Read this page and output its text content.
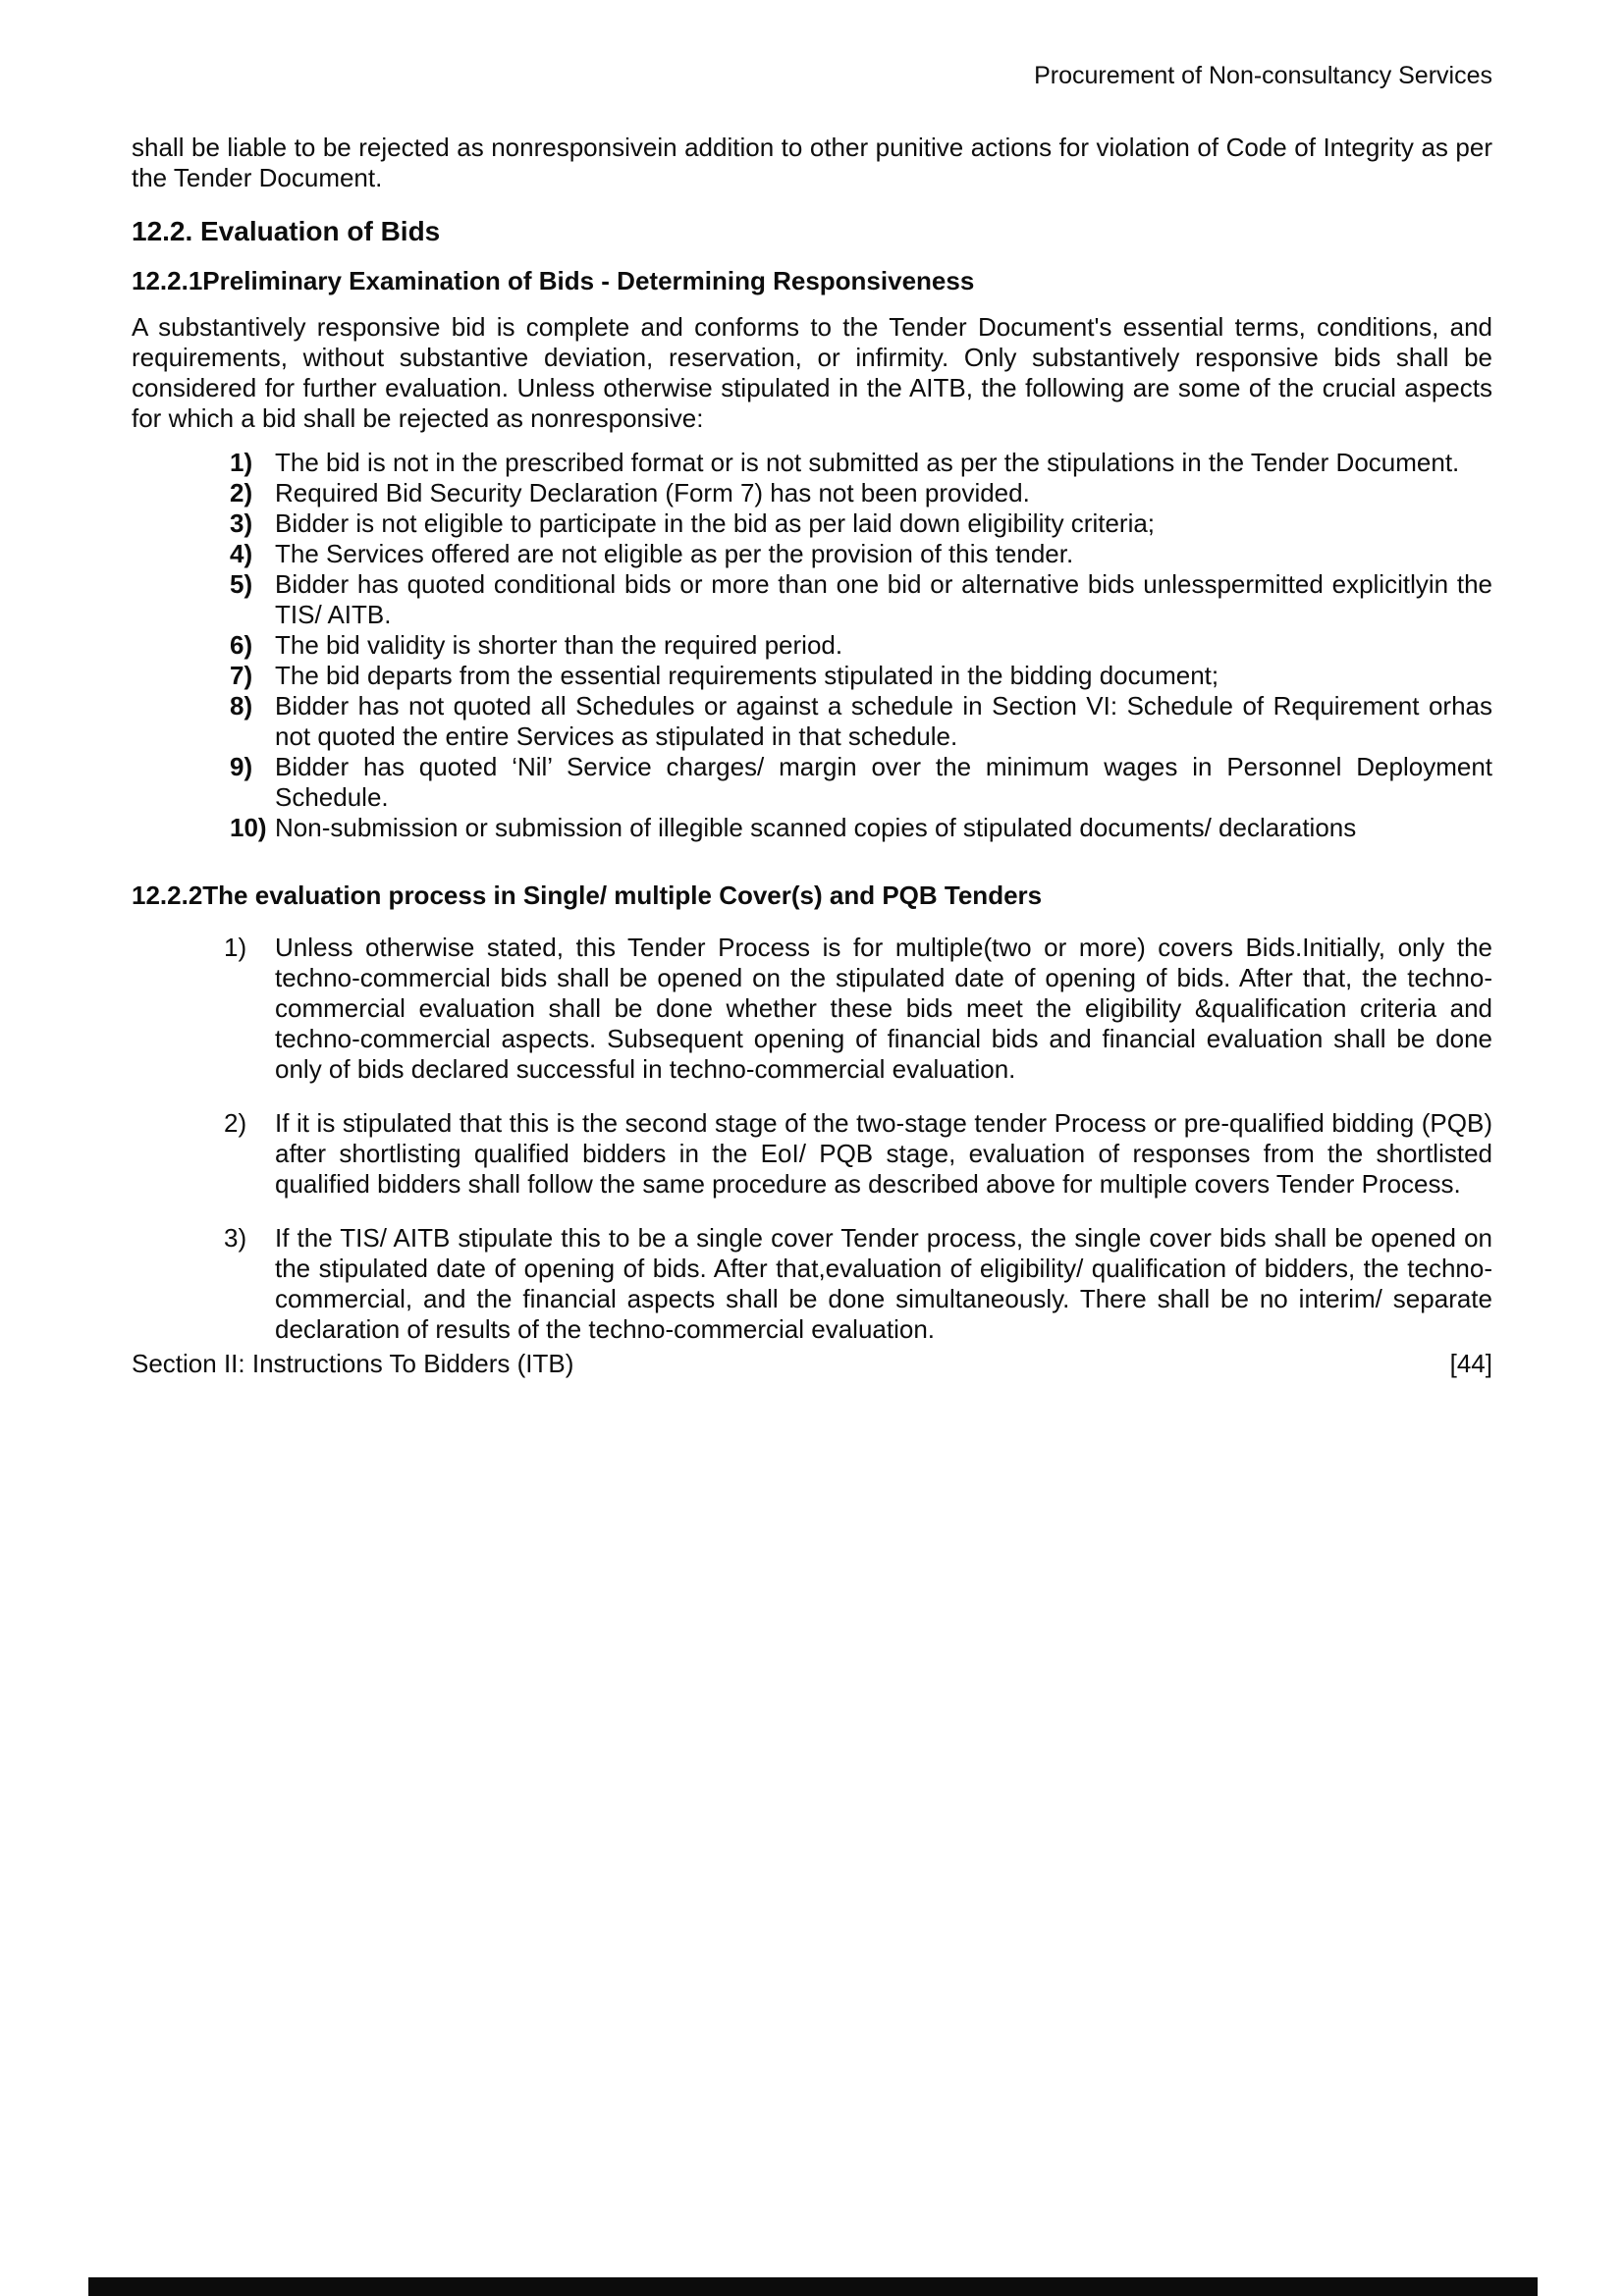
Procurement of Non-consultancy Services

shall be liable to be rejected as nonresponsivein addition to other punitive actions for violation of Code of Integrity as per the Tender Document.

12.2. Evaluation of Bids
12.2.1 Preliminary Examination of Bids - Determining Responsiveness

A substantively responsive bid is complete and conforms to the Tender Document's essential terms, conditions, and requirements, without substantive deviation, reservation, or infirmity. Only substantively responsive bids shall be considered for further evaluation. Unless otherwise stipulated in the AITB, the following are some of the crucial aspects for which a bid shall be rejected as nonresponsive:

1) The bid is not in the prescribed format or is not submitted as per the stipulations in the Tender Document.
2) Required Bid Security Declaration (Form 7) has not been provided.
3) Bidder is not eligible to participate in the bid as per laid down eligibility criteria;
4) The Services offered are not eligible as per the provision of this tender.
5) Bidder has quoted conditional bids or more than one bid or alternative bids unlesspermitted explicitlyin the TIS/ AITB.
6) The bid validity is shorter than the required period.
7) The bid departs from the essential requirements stipulated in the bidding document;
8) Bidder has not quoted all Schedules or against a schedule in Section VI: Schedule of Requirement orhas not quoted the entire Services as stipulated in that schedule.
9) Bidder has quoted ‘Nil’ Service charges/ margin over the minimum wages in Personnel Deployment Schedule.
10) Non-submission or submission of illegible scanned copies of stipulated documents/ declarations
12.2.2 The evaluation process in Single/ multiple Cover(s) and PQB Tenders
1)	Unless otherwise stated, this Tender Process is for multiple(two or more) covers Bids.Initially, only the techno-commercial bids shall be opened on the stipulated date of opening of bids. After that, the techno-commercial evaluation shall be done whether these bids meet the eligibility &qualification criteria and techno-commercial aspects. Subsequent opening of financial bids and financial evaluation shall be done only of bids declared successful in techno-commercial evaluation.
2)	If it is stipulated that this is the second stage of the two-stage tender Process or pre-qualified bidding (PQB) after shortlisting qualified bidders in the EoI/ PQB stage, evaluation of responses from the shortlisted qualified bidders shall follow the same procedure as described above for multiple covers Tender Process.
3)	If the TIS/ AITB stipulate this to be a single cover Tender process, the single cover bids shall be opened on the stipulated date of opening of bids. After that,evaluation of eligibility/ qualification of bidders, the techno-commercial, and the financial aspects shall be done simultaneously. There shall be no interim/ separate declaration of results of the techno-commercial evaluation.
Section II: Instructions To Bidders (ITB)	[44]
